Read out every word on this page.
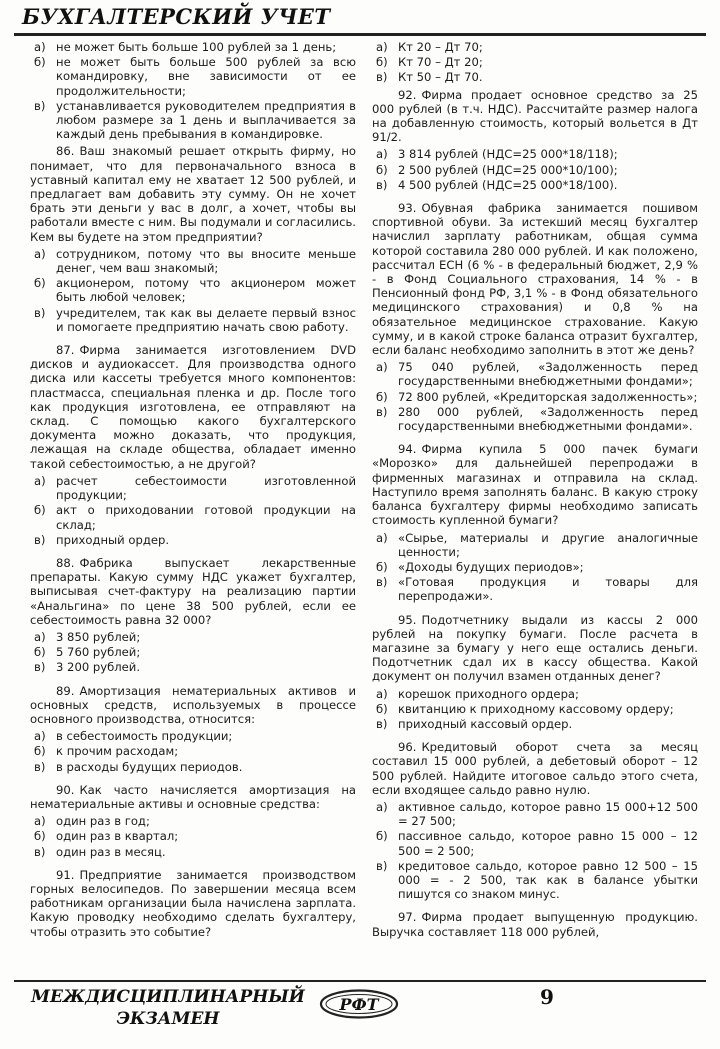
БУХГАЛТЕРСКИЙ УЧЕТ
а) не может быть больше 100 рублей за 1 день;
б) не может быть больше 500 рублей за всю командировку, вне зависимости от ее продолжительности;
в) устанавливается руководителем предприятия в любом размере за 1 день и выплачивается за каждый день пребывания в командировке.
86. Ваш знакомый решает открыть фирму, но понимает, что для первоначального взноса в уставный капитал ему не хватает 12 500 рублей, и предлагает вам добавить эту сумму. Он не хочет брать эти деньги у вас в долг, а хочет, чтобы вы работали вместе с ним. Вы подумали и согласились. Кем вы будете на этом предприятии?
а) сотрудником, потому что вы вносите меньше денег, чем ваш знакомый;
б) акционером, потому что акционером может быть любой человек;
в) учредителем, так как вы делаете первый взнос и помогаете предприятию начать свою работу.
87. Фирма занимается изготовлением DVD дисков и аудиокассет. Для производства одного диска или кассеты требуется много компонентов: пластмасса, специальная пленка и др. После того как продукция изготовлена, ее отправляют на склад. С помощью какого бухгалтерского документа можно доказать, что продукция, лежащая на складе общества, обладает именно такой себестоимостью, а не другой?
а) расчет себестоимости изготовленной продукции;
б) акт о приходовании готовой продукции на склад;
в) приходный ордер.
88. Фабрика выпускает лекарственные препараты. Какую сумму НДС укажет бухгалтер, выписывая счет-фактуру на реализацию партии «Анальгина» по цене 38 500 рублей, если ее себестоимость равна 32 000?
а) 3 850 рублей;
б) 5 760 рублей;
в) 3 200 рублей.
89. Амортизация нематериальных активов и основных средств, используемых в процессе основного производства, относится:
а) в себестоимость продукции;
б) к прочим расходам;
в) в расходы будущих периодов.
90. Как часто начисляется амортизация на нематериальные активы и основные средства:
а) один раз в год;
б) один раз в квартал;
в) один раз в месяц.
91. Предприятие занимается производством горных велосипедов. По завершении месяца всем работникам организации была начислена зарплата. Какую проводку необходимо сделать бухгалтеру, чтобы отразить это событие?
а) Кт 20 – Дт 70;
б) Кт 70 – Дт 20;
в) Кт 50 – Дт 70.
92. Фирма продает основное средство за 25 000 рублей (в т.ч. НДС). Рассчитайте размер налога на добавленную стоимость, который вольется в Дт 91/2.
а) 3 814 рублей (НДС=25 000*18/118);
б) 2 500 рублей (НДС=25 000*10/100);
в) 4 500 рублей (НДС=25 000*18/100).
93. Обувная фабрика занимается пошивом спортивной обуви. За истекший месяц бухгалтер начислил зарплату работникам, общая сумма которой составила 280 000 рублей. И как положено, рассчитал ЕСН (6 % - в федеральный бюджет, 2,9 % - в Фонд Социального страхования, 14 % - в Пенсионный фонд РФ, 3,1 % - в Фонд обязательного медицинского страхования) и 0,8 % на обязательное медицинское страхование. Какую сумму, и в какой строке баланса отразит бухгалтер, если баланс необходимо заполнить в этот же день?
а) 75 040 рублей, «Задолженность перед государственными внебюджетными фондами»;
б) 72 800 рублей, «Кредиторская задолженность»;
в) 280 000 рублей, «Задолженность перед государственными внебюджетными фондами».
94. Фирма купила 5 000 пачек бумаги «Морозко» для дальнейшей перепродажи в фирменных магазинах и отправила на склад. Наступило время заполнять баланс. В какую строку баланса бухгалтеру фирмы необходимо записать стоимость купленной бумаги?
а) «Сырье, материалы и другие аналогичные ценности;
б) «Доходы будущих периодов»;
в) «Готовая продукция и товары для перепродажи».
95. Подотчетнику выдали из кассы 2 000 рублей на покупку бумаги. После расчета в магазине за бумагу у него еще остались деньги. Подотчетник сдал их в кассу общества. Какой документ он получил взамен отданных денег?
а) корешок приходного ордера;
б) квитанцию к приходному кассовому ордеру;
в) приходный кассовый ордер.
96. Кредитовый оборот счета за месяц составил 15 000 рублей, а дебетовый оборот – 12 500 рублей. Найдите итоговое сальдо этого счета, если входящее сальдо равно нулю.
а) активное сальдо, которое равно 15 000+12 500 = 27 500;
б) пассивное сальдо, которое равно 15 000 – 12 500 = 2 500;
в) кредитовое сальдо, которое равно 12 500 – 15 000 = - 2 500, так как в балансе убытки пишутся со знаком минус.
97. Фирма продает выпущенную продукцию. Выручка составляет 118 000 рублей,
МЕЖДИСЦИПЛИНАРНЫЙ
ЭКЗАМЕН
РФТ	9
